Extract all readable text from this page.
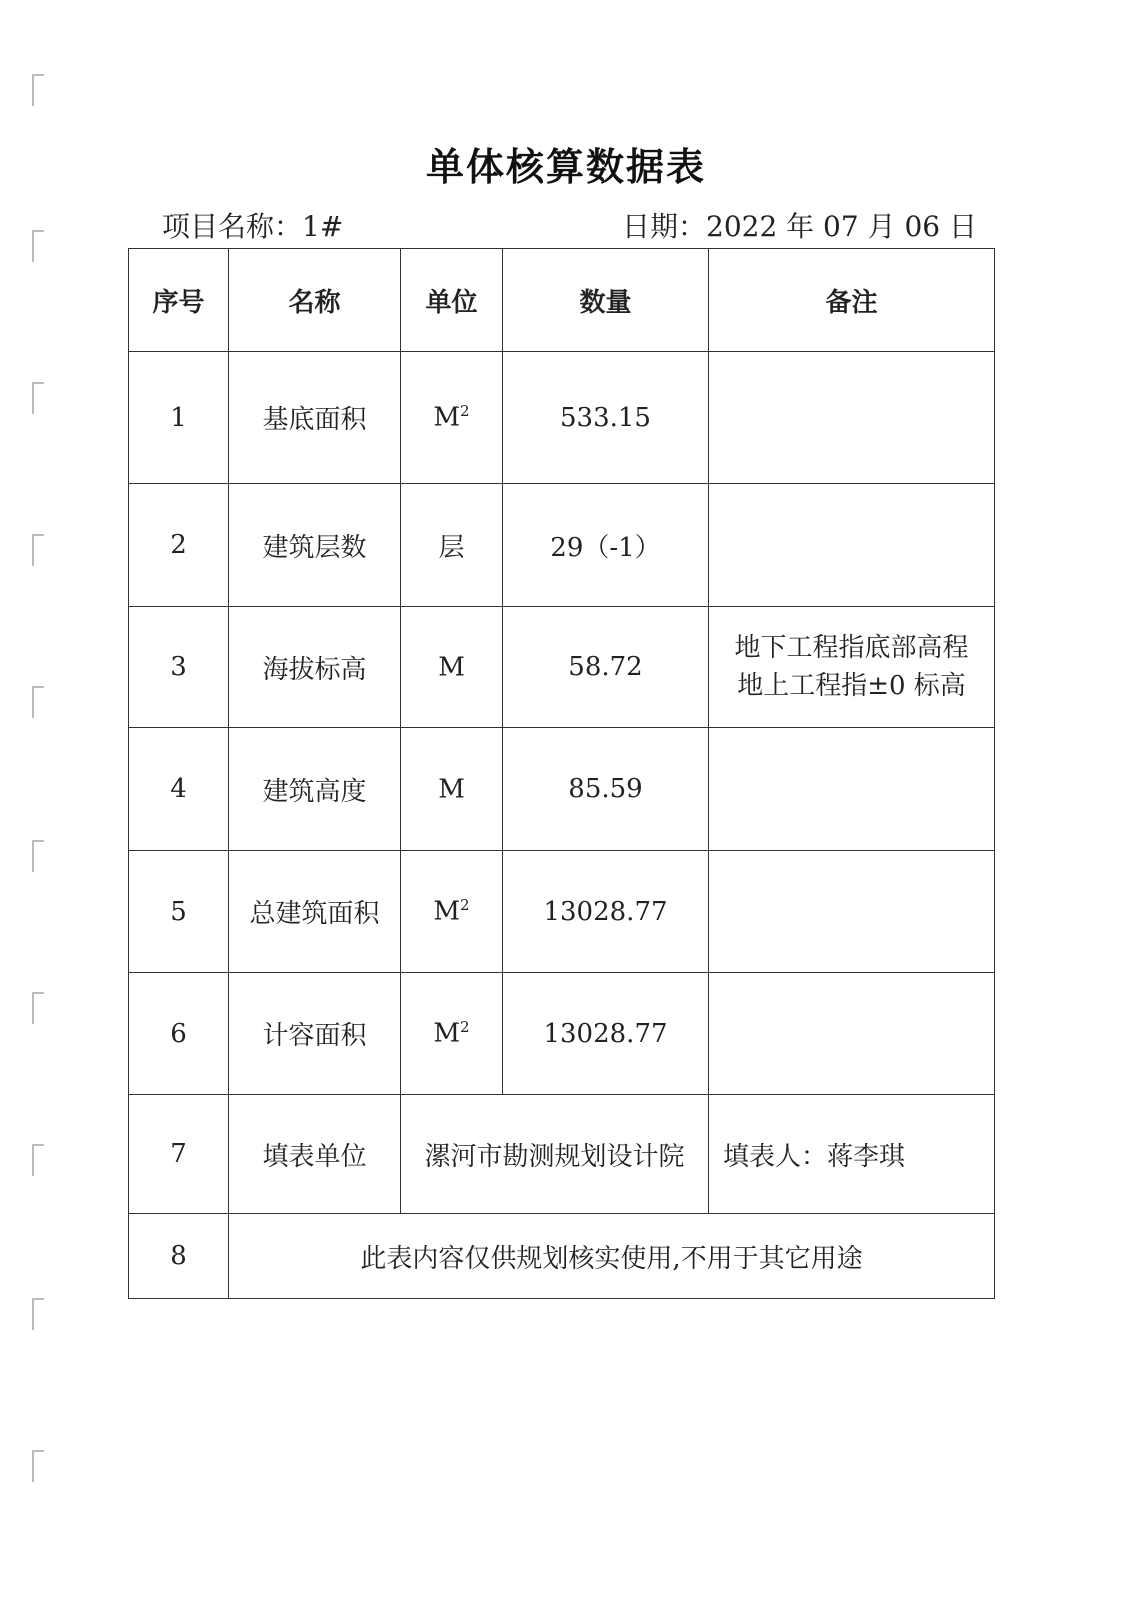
单体核算数据表
项目名称：1#	日期：2022 年 07 月 06 日
序号	名称	单位	数量	备注
1	基底面积	$M^2$	533.15	
2	建筑层数	层	29（-1）	
3	海拔标高	M	58.72	地下工程指底部高程
地上工程指±0 标高

4	建筑高度	M	85.59	
5	总建筑面积	$M^2$	13028.77	
6	计容面积	$M^2$	13028.77	
7	填表单位	漯河市勘测规划设计院		填表人：蒋李琪
8	此表内容仅供规划核实使用,不用于其它用途			
